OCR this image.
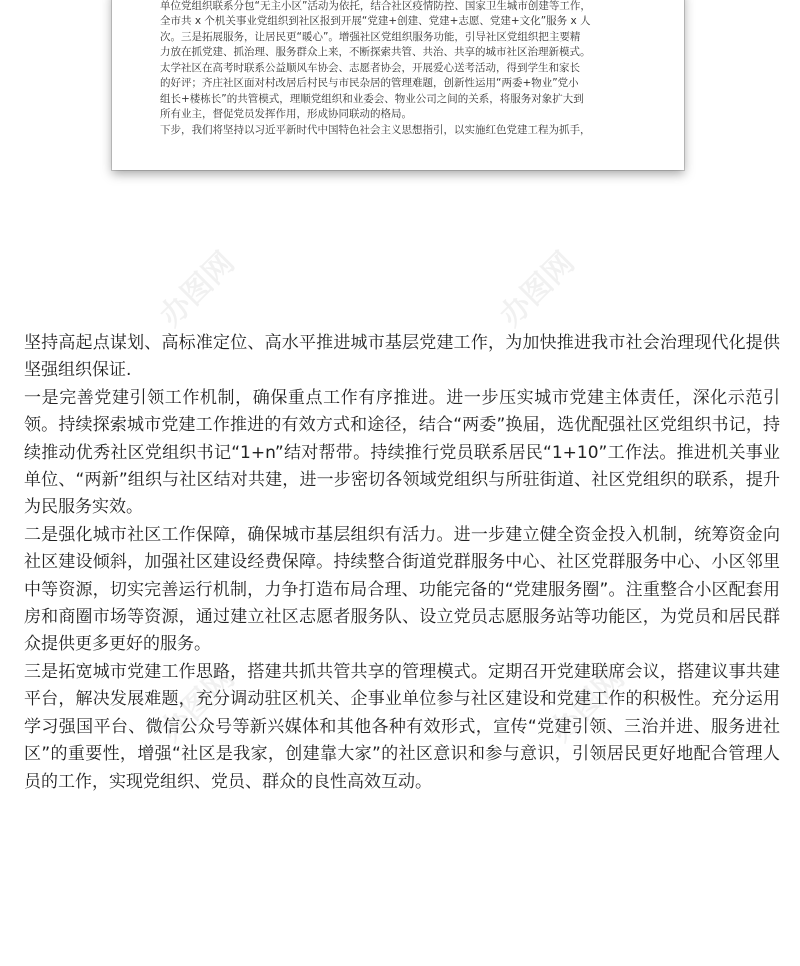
单位党组织联系分包“无主小区”活动为依托，结合社区疫情防控、国家卫生城市创建等工作，

全市共 x 个机关事业党组织到社区报到开展“党建+创建、党建+志愿、党建+文化”服务 x 人

次。三是拓展服务，让居民更“暖心”。增强社区党组织服务功能，引导社区党组织把主要精

力放在抓党建、抓治理、服务群众上来，不断探索共管、共治、共享的城市社区治理新模式。

太学社区在高考时联系公益顺风车协会、志愿者协会，开展爱心送考活动，得到学生和家长

的好评；齐庄社区面对村改居后村民与市民杂居的管理难题，创新性运用“两委+物业”党小

组长+楼栋长”的共管模式，理顺党组织和业委会、物业公司之间的关系，将服务对象扩大到

所有业主，督促党员发挥作用，形成协同联动的格局。

下步，我们将坚持以习近平新时代中国特色社会主义思想指引，以实施红色党建工程为抓手，

办图网	办图网
办图网	办图网

坚持高起点谋划、高标准定位、高水平推进城市基层党建工作，为加快推进我市社会治理现代化提供坚强组织保证.

一是完善党建引领工作机制，确保重点工作有序推进。进一步压实城市党建主体责任，深化示范引领。持续探索城市党建工作推进的有效方式和途径，结合“两委”换届，选优配强社区党组织书记，持续推动优秀社区党组织书记“1+n”结对帮带。持续推行党员联系居民“1+10”工作法。推进机关事业单位、“两新”组织与社区结对共建，进一步密切各领域党组织与所驻街道、社区党组织的联系，提升为民服务实效。

二是强化城市社区工作保障，确保城市基层组织有活力。进一步建立健全资金投入机制，统筹资金向社区建设倾斜，加强社区建设经费保障。持续整合街道党群服务中心、社区党群服务中心、小区邻里中等资源，切实完善运行机制，力争打造布局合理、功能完备的“党建服务圈”。注重整合小区配套用房和商圈市场等资源，通过建立社区志愿者服务队、设立党员志愿服务站等功能区，为党员和居民群众提供更多更好的服务。

三是拓宽城市党建工作思路，搭建共抓共管共享的管理模式。定期召开党建联席会议，搭建议事共建平台，解决发展难题，充分调动驻区机关、企事业单位参与社区建设和党建工作的积极性。充分运用学习强国平台、微信公众号等新兴媒体和其他各种有效形式，宣传“党建引领、三治并进、服务进社区”的重要性，增强“社区是我家，创建靠大家”的社区意识和参与意识，引领居民更好地配合管理人员的工作，实现党组织、党员、群众的良性高效互动。
